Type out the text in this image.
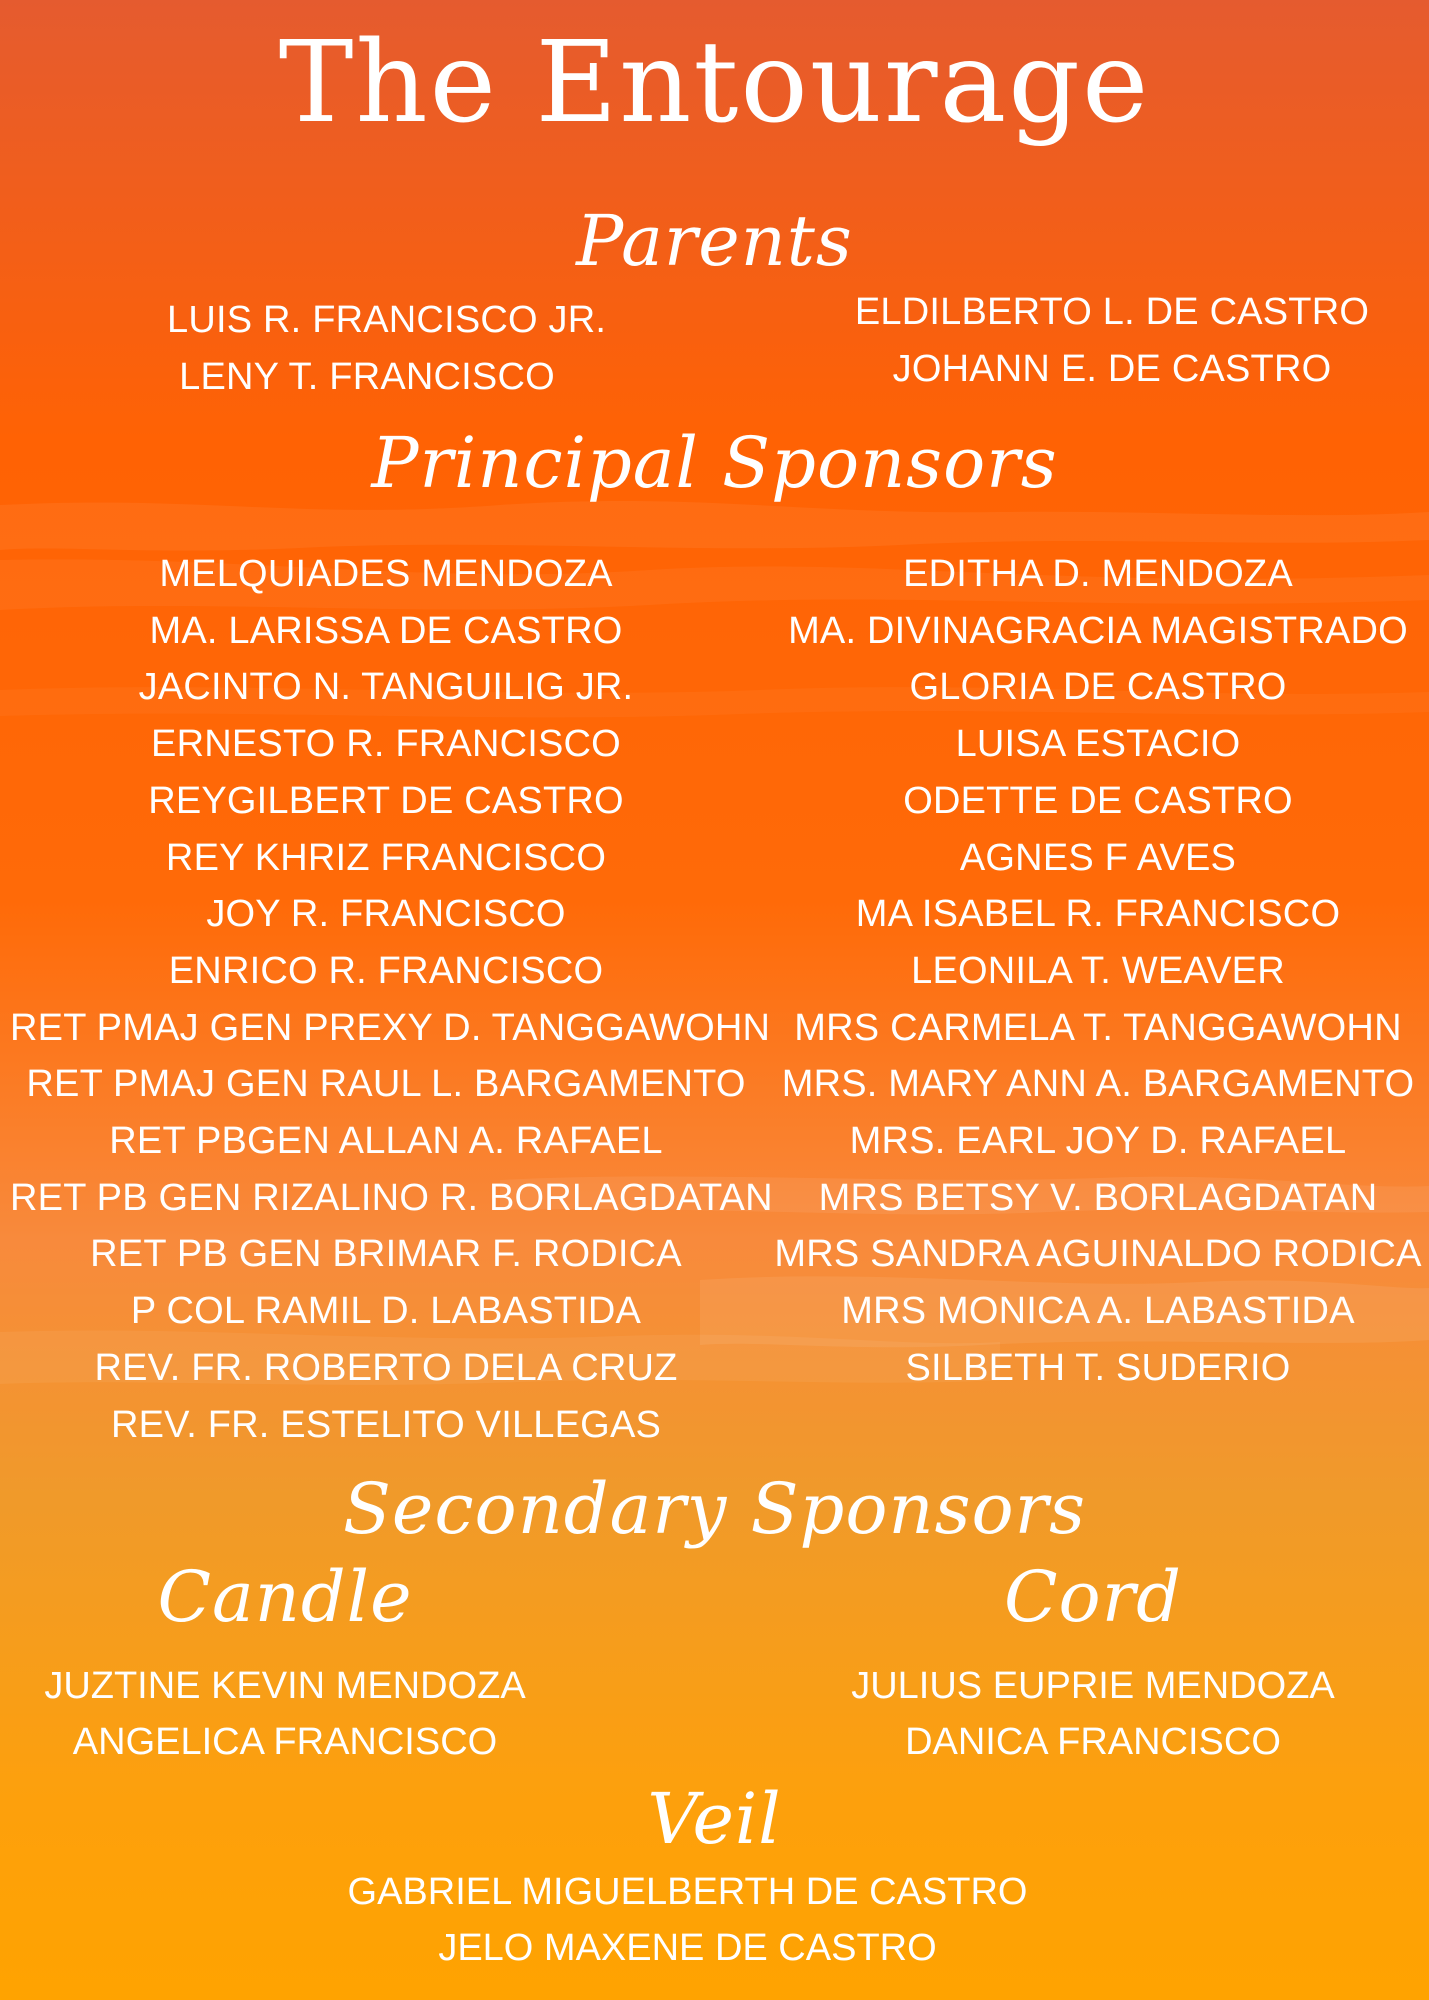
The Entourage
Parents
LUIS R. FRANCISCO JR.
LENY T. FRANCISCO
ELDILBERTO L. DE CASTRO
JOHANN E. DE CASTRO
Principal Sponsors
MELQUIADES MENDOZA
MA. LARISSA DE CASTRO
JACINTO N. TANGUILIG JR.
ERNESTO R. FRANCISCO
REYGILBERT DE CASTRO
REY KHRIZ FRANCISCO
JOY R. FRANCISCO
ENRICO R. FRANCISCO
RET PMAJ GEN PREXY D. TANGGAWOHN
RET PMAJ GEN RAUL L. BARGAMENTO
RET PBGEN ALLAN A. RAFAEL
RET PB GEN RIZALINO R. BORLAGDATAN
RET PB GEN BRIMAR F. RODICA
P COL RAMIL D. LABASTIDA
REV. FR. ROBERTO DELA CRUZ
REV. FR. ESTELITO VILLEGAS
EDITHA D. MENDOZA
MA. DIVINAGRACIA MAGISTRADO
GLORIA DE CASTRO
LUISA ESTACIO
ODETTE DE CASTRO
AGNES F AVES
MA ISABEL R. FRANCISCO
LEONILA T. WEAVER
MRS CARMELA T. TANGGAWOHN
MRS. MARY ANN A. BARGAMENTO
MRS. EARL JOY D. RAFAEL
MRS BETSY V. BORLAGDATAN
MRS SANDRA AGUINALDO RODICA
MRS MONICA A. LABASTIDA
SILBETH T. SUDERIO
Secondary Sponsors
Candle
JUZTINE KEVIN MENDOZA
ANGELICA FRANCISCO
Cord
JULIUS EUPRIE MENDOZA
DANICA FRANCISCO
Veil
GABRIEL MIGUELBERTH DE CASTRO
JELO MAXENE DE CASTRO
